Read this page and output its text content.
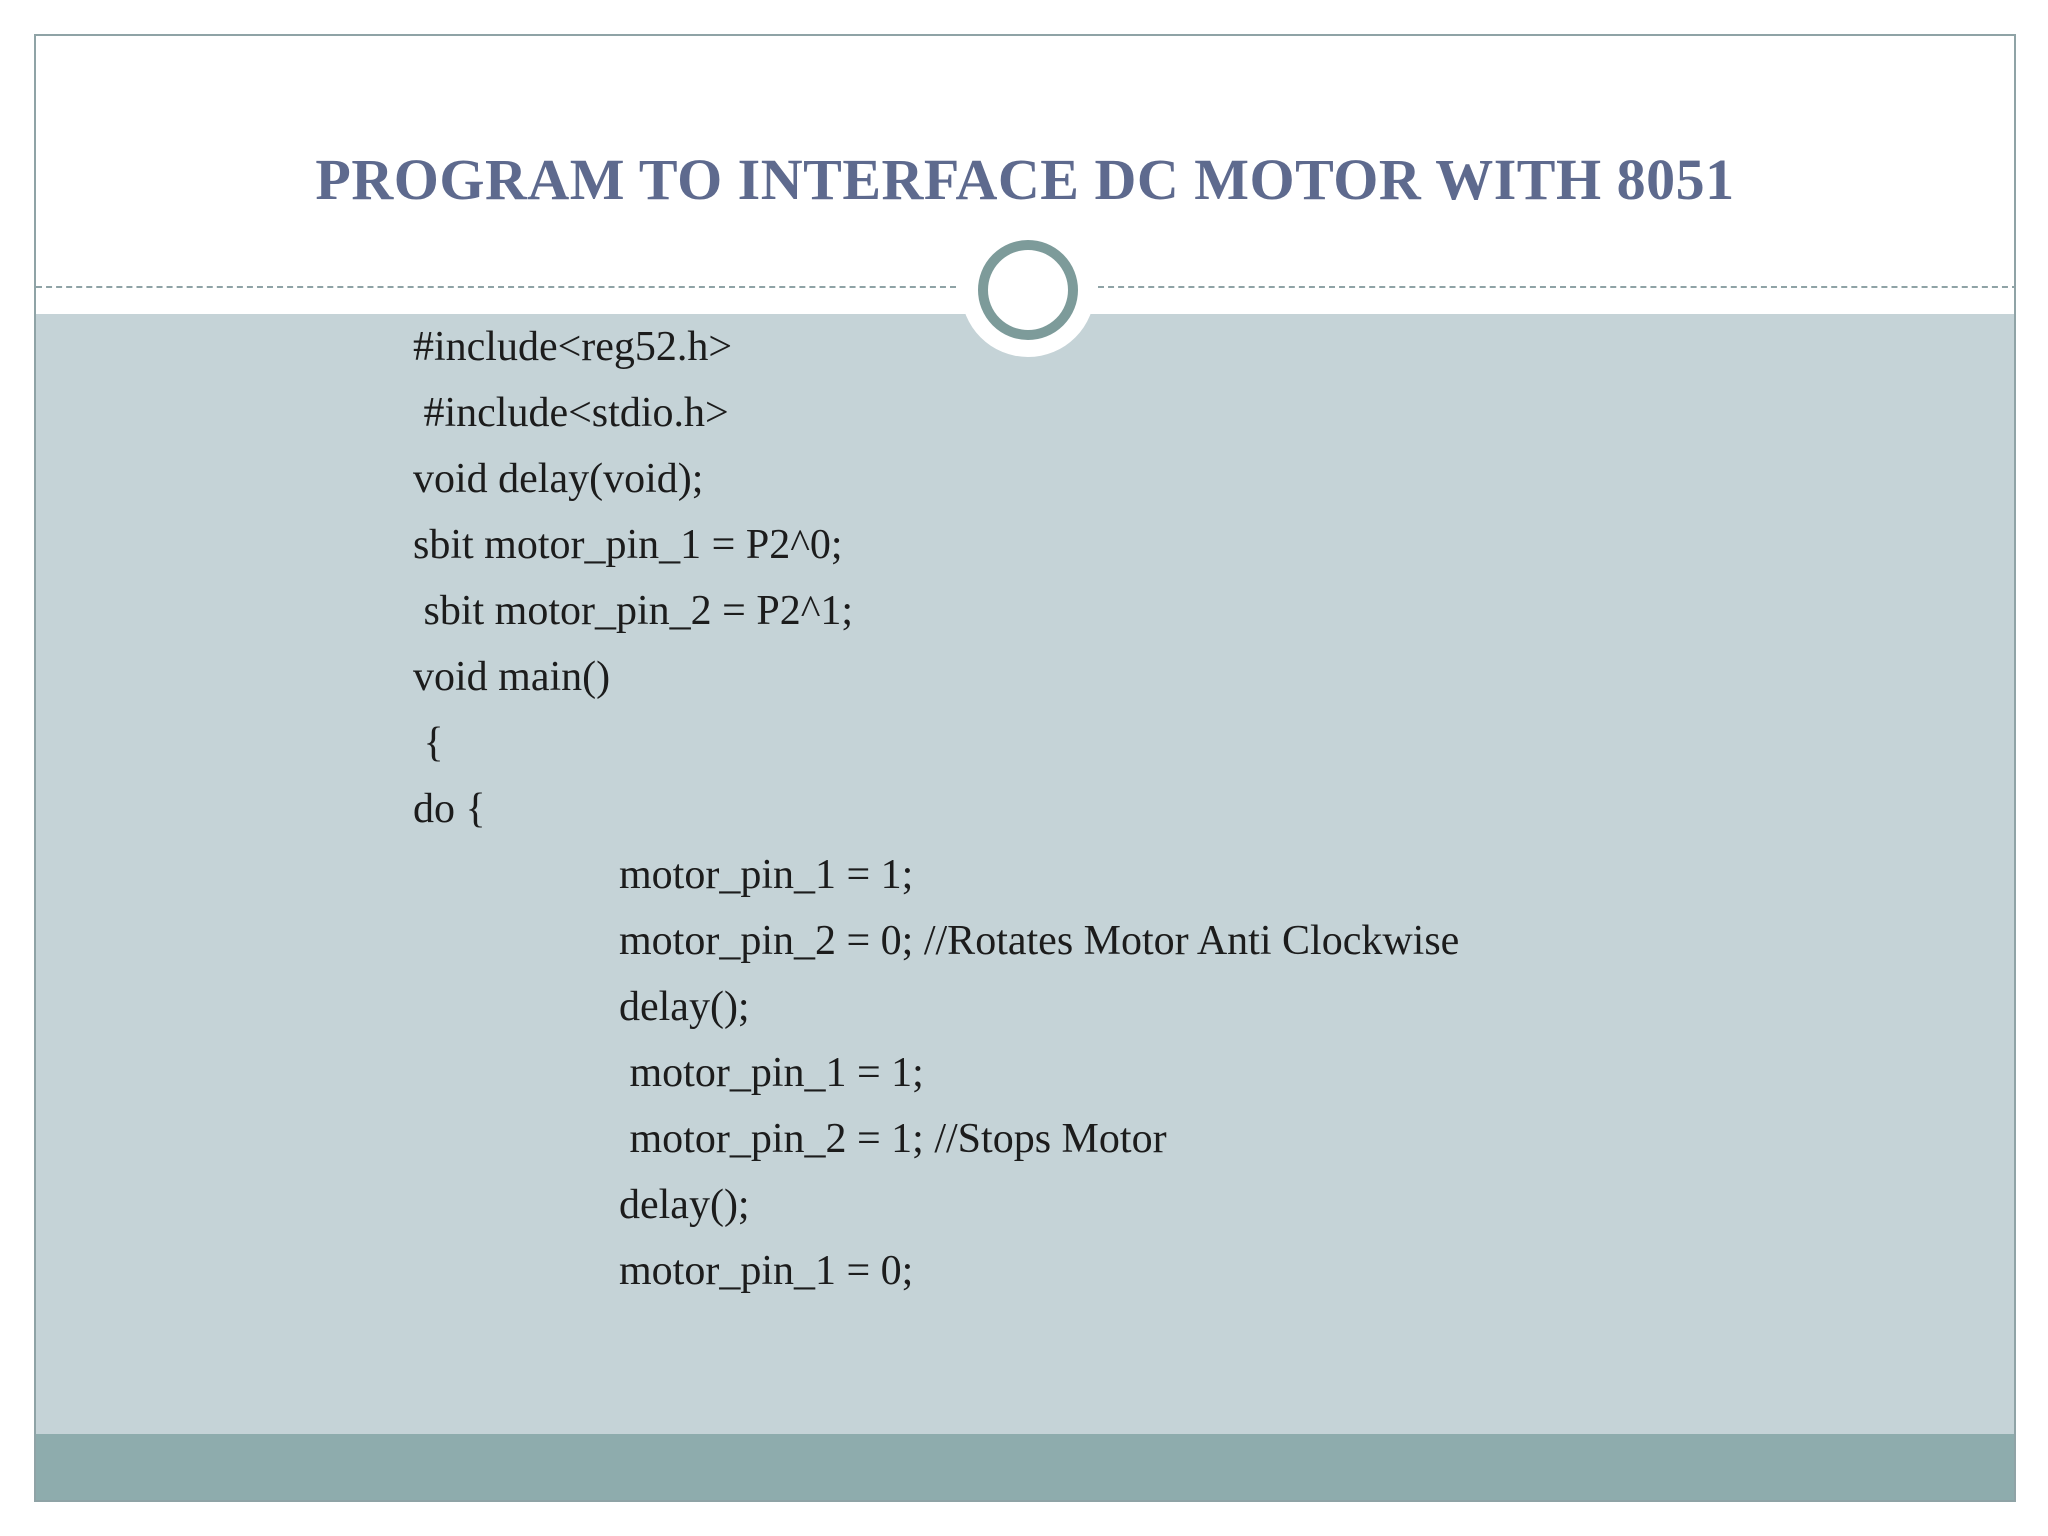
PROGRAM TO INTERFACE DC MOTOR WITH 8051
#include<reg52.h>
#include<stdio.h>
void delay(void);
sbit motor_pin_1 = P2^0;
sbit motor_pin_2 = P2^1;
void main()
{
do {
motor_pin_1 = 1;
motor_pin_2 = 0; //Rotates Motor Anti Clockwise
delay();
motor_pin_1 = 1;
motor_pin_2 = 1; //Stops Motor
delay();
motor_pin_1 = 0;
